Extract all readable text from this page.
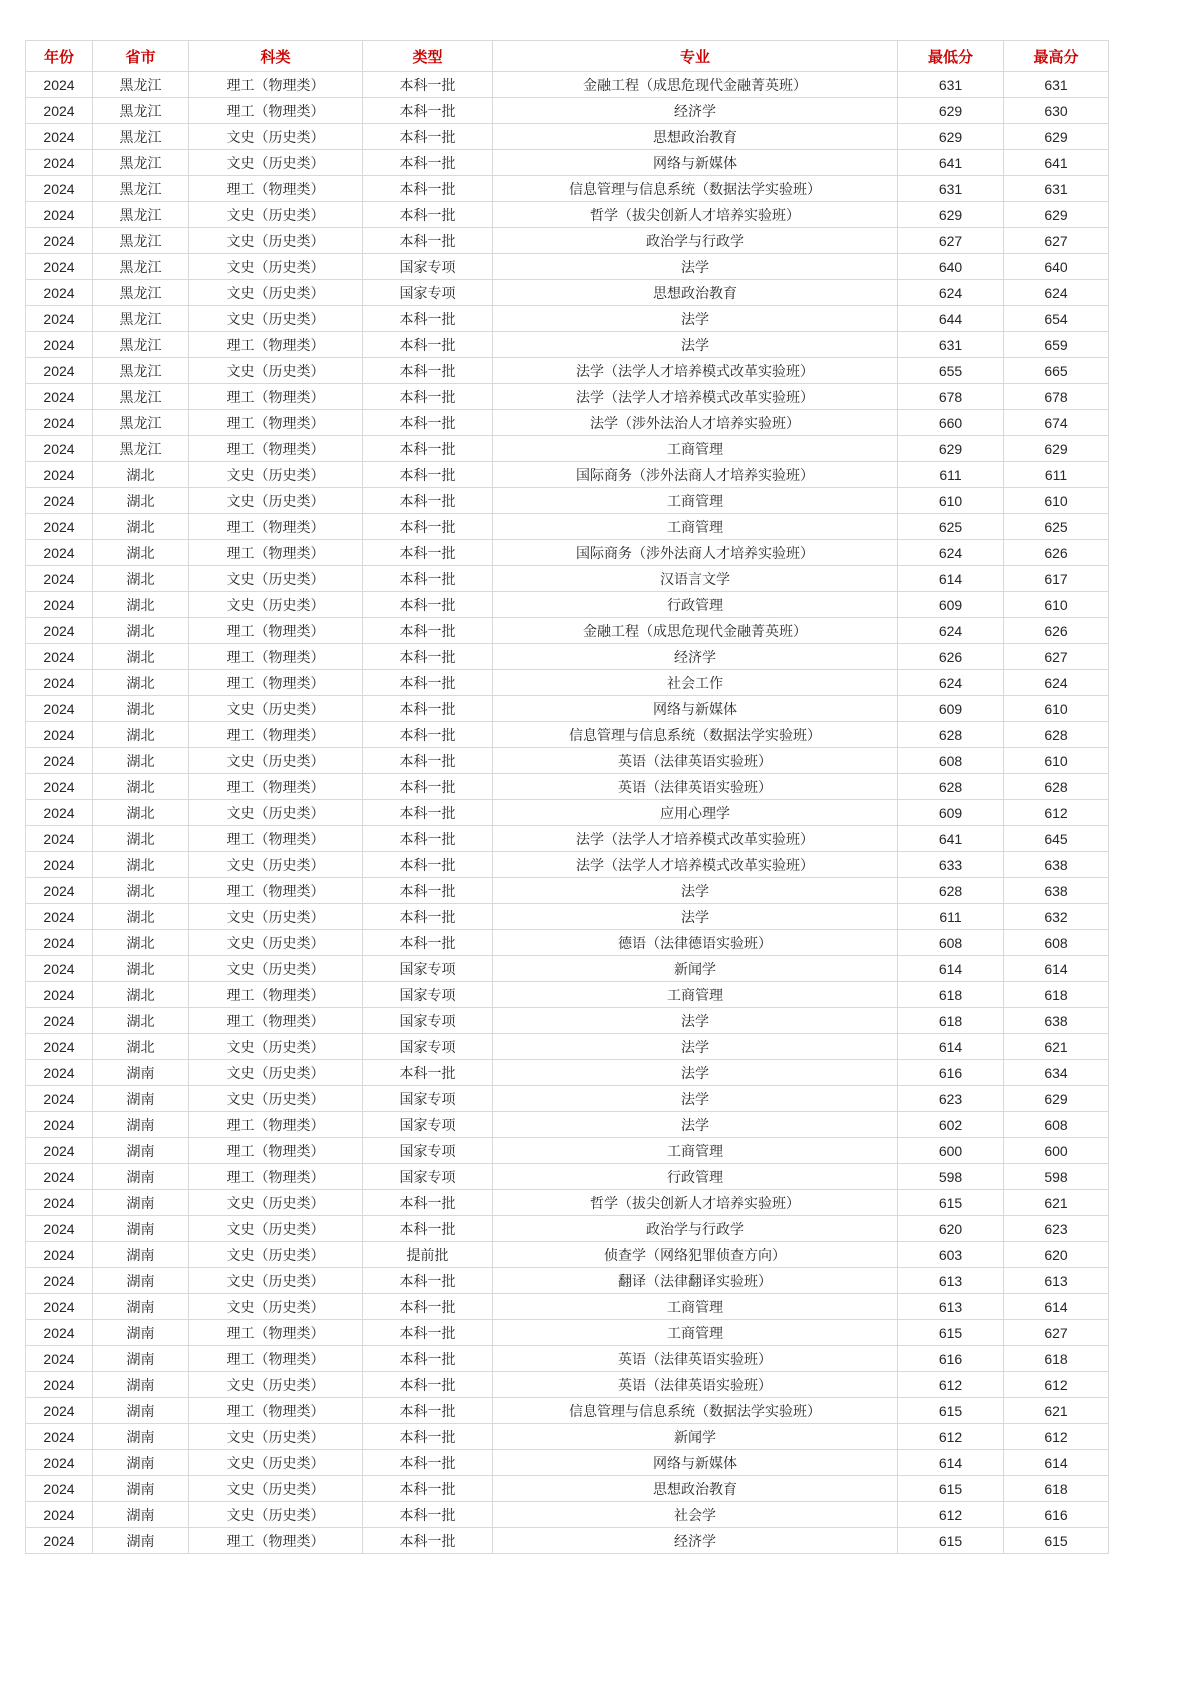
年份	省市	科类	类型	专业	最低分	最高分
2024	黑龙江	理工（物理类）	本科一批	金融工程（成思危现代金融菁英班）	631	631
2024	黑龙江	理工（物理类）	本科一批	经济学	629	630
2024	黑龙江	文史（历史类）	本科一批	思想政治教育	629	629
2024	黑龙江	文史（历史类）	本科一批	网络与新媒体	641	641
2024	黑龙江	理工（物理类）	本科一批	信息管理与信息系统（数据法学实验班）	631	631
2024	黑龙江	文史（历史类）	本科一批	哲学（拔尖创新人才培养实验班）	629	629
2024	黑龙江	文史（历史类）	本科一批	政治学与行政学	627	627
2024	黑龙江	文史（历史类）	国家专项	法学	640	640
2024	黑龙江	文史（历史类）	国家专项	思想政治教育	624	624
2024	黑龙江	文史（历史类）	本科一批	法学	644	654
2024	黑龙江	理工（物理类）	本科一批	法学	631	659
2024	黑龙江	文史（历史类）	本科一批	法学（法学人才培养模式改革实验班）	655	665
2024	黑龙江	理工（物理类）	本科一批	法学（法学人才培养模式改革实验班）	678	678
2024	黑龙江	理工（物理类）	本科一批	法学（涉外法治人才培养实验班）	660	674
2024	黑龙江	理工（物理类）	本科一批	工商管理	629	629
2024	湖北	文史（历史类）	本科一批	国际商务（涉外法商人才培养实验班）	611	611
2024	湖北	文史（历史类）	本科一批	工商管理	610	610
2024	湖北	理工（物理类）	本科一批	工商管理	625	625
2024	湖北	理工（物理类）	本科一批	国际商务（涉外法商人才培养实验班）	624	626
2024	湖北	文史（历史类）	本科一批	汉语言文学	614	617
2024	湖北	文史（历史类）	本科一批	行政管理	609	610
2024	湖北	理工（物理类）	本科一批	金融工程（成思危现代金融菁英班）	624	626
2024	湖北	理工（物理类）	本科一批	经济学	626	627
2024	湖北	理工（物理类）	本科一批	社会工作	624	624
2024	湖北	文史（历史类）	本科一批	网络与新媒体	609	610
2024	湖北	理工（物理类）	本科一批	信息管理与信息系统（数据法学实验班）	628	628
2024	湖北	文史（历史类）	本科一批	英语（法律英语实验班）	608	610
2024	湖北	理工（物理类）	本科一批	英语（法律英语实验班）	628	628
2024	湖北	文史（历史类）	本科一批	应用心理学	609	612
2024	湖北	理工（物理类）	本科一批	法学（法学人才培养模式改革实验班）	641	645
2024	湖北	文史（历史类）	本科一批	法学（法学人才培养模式改革实验班）	633	638
2024	湖北	理工（物理类）	本科一批	法学	628	638
2024	湖北	文史（历史类）	本科一批	法学	611	632
2024	湖北	文史（历史类）	本科一批	德语（法律德语实验班）	608	608
2024	湖北	文史（历史类）	国家专项	新闻学	614	614
2024	湖北	理工（物理类）	国家专项	工商管理	618	618
2024	湖北	理工（物理类）	国家专项	法学	618	638
2024	湖北	文史（历史类）	国家专项	法学	614	621
2024	湖南	文史（历史类）	本科一批	法学	616	634
2024	湖南	文史（历史类）	国家专项	法学	623	629
2024	湖南	理工（物理类）	国家专项	法学	602	608
2024	湖南	理工（物理类）	国家专项	工商管理	600	600
2024	湖南	理工（物理类）	国家专项	行政管理	598	598
2024	湖南	文史（历史类）	本科一批	哲学（拔尖创新人才培养实验班）	615	621
2024	湖南	文史（历史类）	本科一批	政治学与行政学	620	623
2024	湖南	文史（历史类）	提前批	侦查学（网络犯罪侦查方向）	603	620
2024	湖南	文史（历史类）	本科一批	翻译（法律翻译实验班）	613	613
2024	湖南	文史（历史类）	本科一批	工商管理	613	614
2024	湖南	理工（物理类）	本科一批	工商管理	615	627
2024	湖南	理工（物理类）	本科一批	英语（法律英语实验班）	616	618
2024	湖南	文史（历史类）	本科一批	英语（法律英语实验班）	612	612
2024	湖南	理工（物理类）	本科一批	信息管理与信息系统（数据法学实验班）	615	621
2024	湖南	文史（历史类）	本科一批	新闻学	612	612
2024	湖南	文史（历史类）	本科一批	网络与新媒体	614	614
2024	湖南	文史（历史类）	本科一批	思想政治教育	615	618
2024	湖南	文史（历史类）	本科一批	社会学	612	616
2024	湖南	理工（物理类）	本科一批	经济学	615	615
